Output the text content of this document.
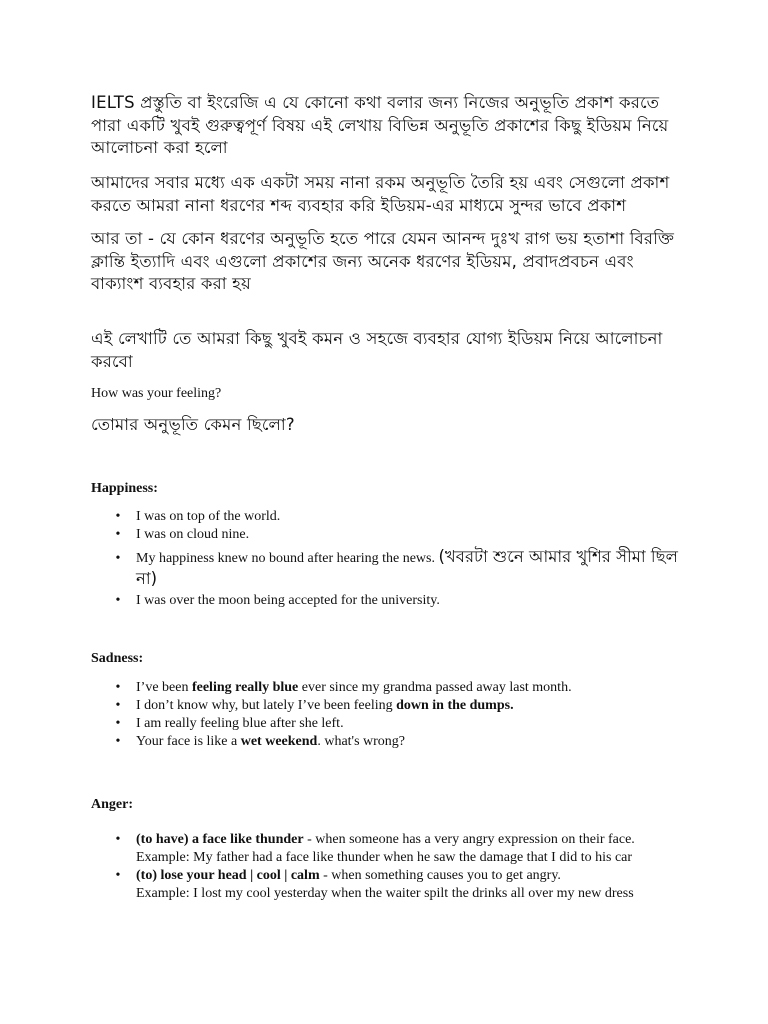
IELTS প্রস্তুতি বা ইংরেজি এ যে কোনো কথা বলার জন্য নিজের অনুভূতি প্রকাশ করতে পারা একটি খুবই গুরুত্বপূর্ণ বিষয় এই লেখায় বিভিন্ন অনুভূতি প্রকাশের কিছু ইডিয়ম নিয়ে আলোচনা করা হলো

আমাদের সবার মধ্যে এক একটা সময় নানা রকম অনুভূতি তৈরি হয় এবং সেগুলো প্রকাশ করতে আমরা নানা ধরণের শব্দ ব্যবহার করি ইডিয়ম-এর মাধ্যমে সুন্দর ভাবে প্রকাশ

আর তা - যে কোন ধরণের অনুভূতি হতে পারে যেমন আনন্দ দুঃখ রাগ ভয় হতাশা বিরক্তি ক্লান্তি ইত্যাদি এবং এগুলো প্রকাশের জন্য অনেক ধরণের ইডিয়ম, প্রবাদপ্রবচন এবং বাক্যাংশ ব্যবহার করা হয়

এই লেখাটি তে আমরা কিছু খুবই কমন ও সহজে ব্যবহার যোগ্য ইডিয়ম নিয়ে আলোচনা করবো

How was your feeling?

তোমার অনুভূতি কেমন ছিলো?

Happiness:

• I was on top of the world.
• I was on cloud nine.
• My happiness knew no bound after hearing the news. (খবরটা শুনে আমার খুশির সীমা ছিল না)
• I was over the moon being accepted for the university.

Sadness:

• I’ve been feeling really blue ever since my grandma passed away last month.
• I don’t know why, but lately I’ve been feeling down in the dumps.
• I am really feeling blue after she left.
• Your face is like a wet weekend. what's wrong?

Anger:

• (to have) a face like thunder - when someone has a very angry expression on their face.
Example: My father had a face like thunder when he saw the damage that I did to his car
• (to) lose your head | cool | calm - when something causes you to get angry.
Example: I lost my cool yesterday when the waiter spilt the drinks all over my new dress
